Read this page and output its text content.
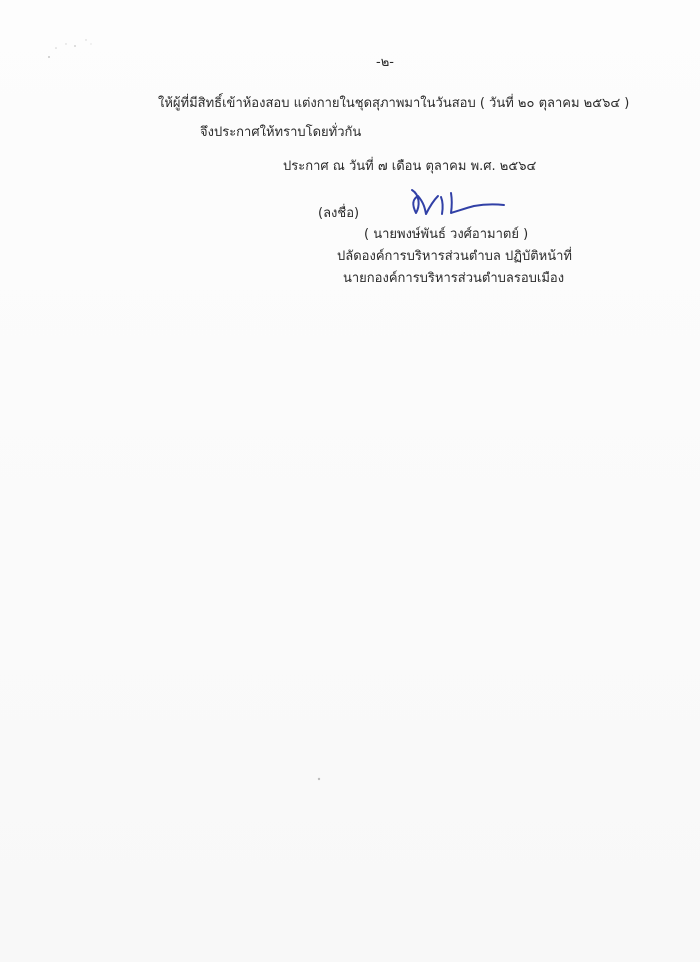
-๒-
ให้ผู้ที่มีสิทธิ์เข้าห้องสอบ แต่งกายในชุดสุภาพมาในวันสอบ ( วันที่ ๒๐ ตุลาคม ๒๕๖๔ )
จึงประกาศให้ทราบโดยทั่วกัน
ประกาศ ณ วันที่ ๗ เดือน ตุลาคม พ.ศ. ๒๕๖๔
(ลงชื่อ)
( นายพงษ์พันธ์ วงศ์อามาตย์ )
ปลัดองค์การบริหารส่วนตำบล ปฏิบัติหน้าที่
นายกองค์การบริหารส่วนตำบลรอบเมือง
